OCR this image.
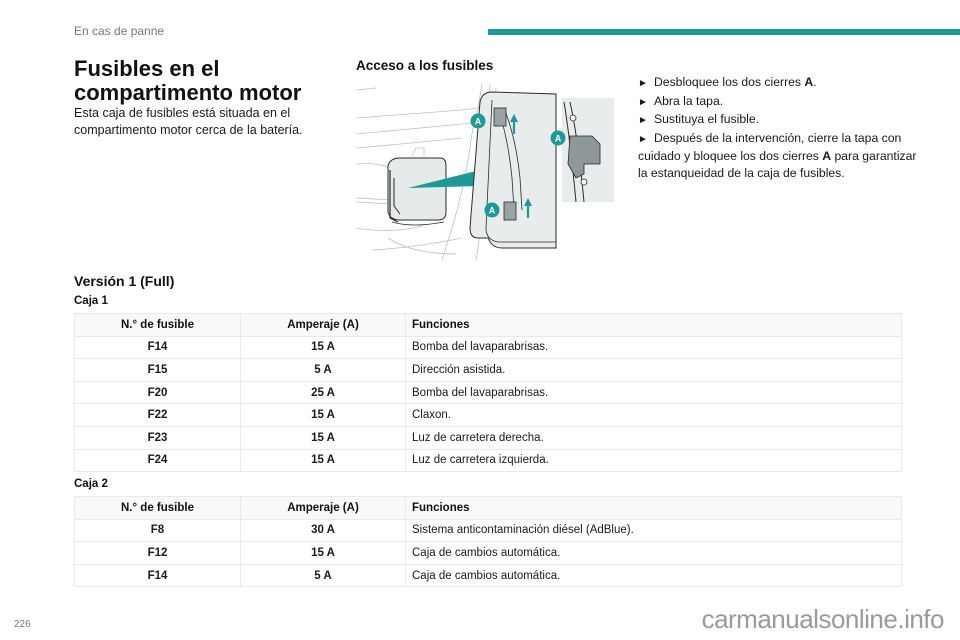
En cas de panne
Fusibles en el compartimento motor

Esta caja de fusibles está situada en el compartimento motor cerca de la batería.

Acceso a los fusibles
A
A
A
► Desbloquee los dos cierres A.
► Abra la tapa.
► Sustituya el fusible.
► Después de la intervención, cierre la tapa con cuidado y bloquee los dos cierres A para garantizar la estanqueidad de la caja de fusibles.
Versión 1 (Full)
Caja 1
N.° de fusible	Amperaje (A)	Funciones
F14	15 A	Bomba del lavaparabrisas.
F15	5 A	Dirección asistida.
F20	25 A	Bomba del lavaparabrisas.
F22	15 A	Claxon.
F23	15 A	Luz de carretera derecha.
F24	15 A	Luz de carretera izquierda.
Caja 2
N.° de fusible	Amperaje (A)	Funciones
F8	30 A	Sistema anticontaminación diésel (AdBlue).
F12	15 A	Caja de cambios automática.
F14	5 A	Caja de cambios automática.
226	carmanualsonline.info
